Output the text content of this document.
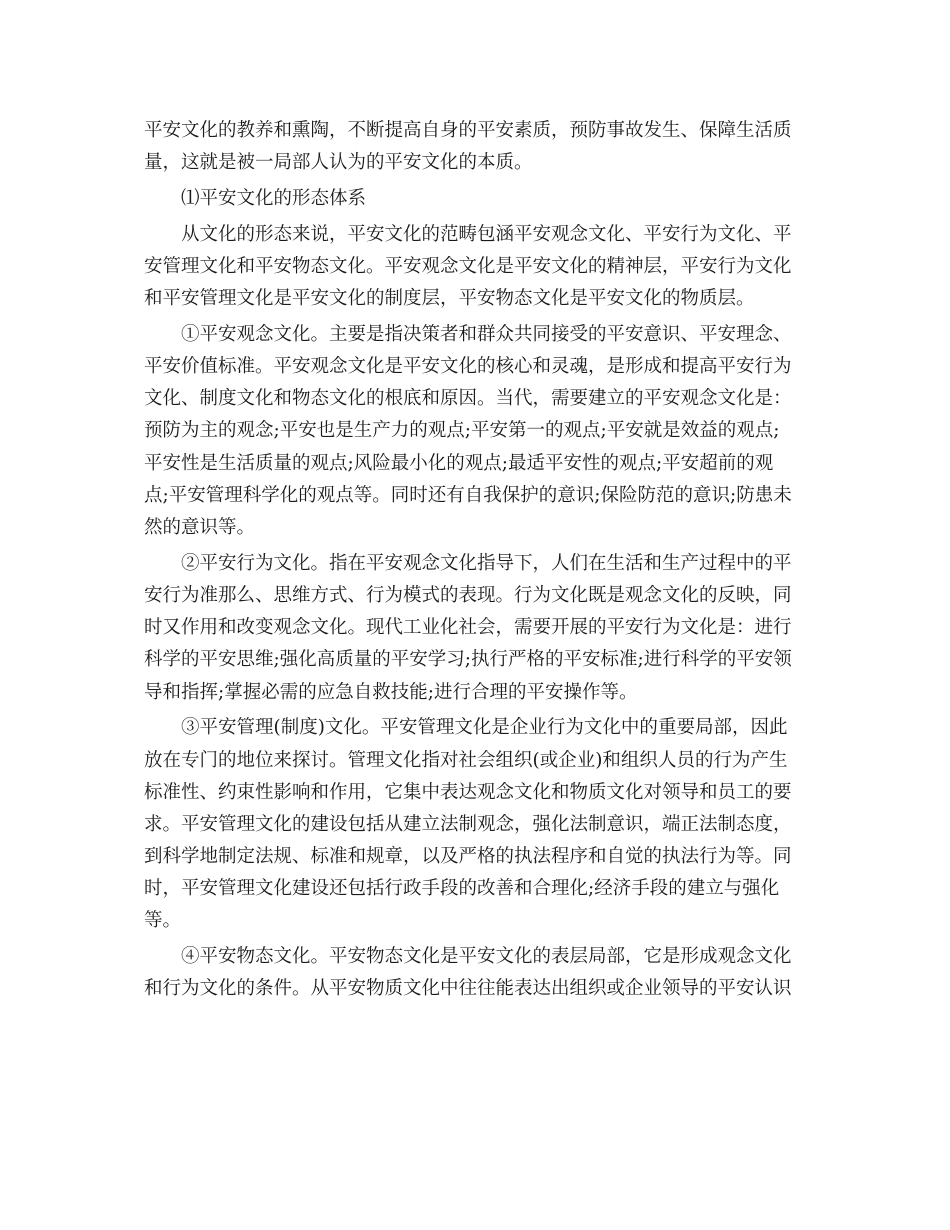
平安文化的教养和熏陶，不断提高自身的平安素质，预防事故发生、保障生活质
量，这就是被一局部人认为的平安文化的本质。
　　⑴平安文化的形态体系
　　从文化的形态来说，平安文化的范畴包涵平安观念文化、平安行为文化、平
安管理文化和平安物态文化。平安观念文化是平安文化的精神层，平安行为文化
和平安管理文化是平安文化的制度层，平安物态文化是平安文化的物质层。
　　①平安观念文化。主要是指决策者和群众共同接受的平安意识、平安理念、
平安价值标准。平安观念文化是平安文化的核心和灵魂，是形成和提高平安行为
文化、制度文化和物态文化的根底和原因。当代，需要建立的平安观念文化是：
预防为主的观念;平安也是生产力的观点;平安第一的观点;平安就是效益的观点;
平安性是生活质量的观点;风险最小化的观点;最适平安性的观点;平安超前的观
点;平安管理科学化的观点等。同时还有自我保护的意识;保险防范的意识;防患未
然的意识等。
　　②平安行为文化。指在平安观念文化指导下，人们在生活和生产过程中的平
安行为准那么、思维方式、行为模式的表现。行为文化既是观念文化的反映，同
时又作用和改变观念文化。现代工业化社会，需要开展的平安行为文化是：进行
科学的平安思维;强化高质量的平安学习;执行严格的平安标准;进行科学的平安领
导和指挥;掌握必需的应急自救技能;进行合理的平安操作等。
　　③平安管理(制度)文化。平安管理文化是企业行为文化中的重要局部，因此
放在专门的地位来探讨。管理文化指对社会组织(或企业)和组织人员的行为产生
标准性、约束性影响和作用，它集中表达观念文化和物质文化对领导和员工的要
求。平安管理文化的建设包括从建立法制观念，强化法制意识，端正法制态度，
到科学地制定法规、标准和规章，以及严格的执法程序和自觉的执法行为等。同
时，平安管理文化建设还包括行政手段的改善和合理化;经济手段的建立与强化
等。
　　④平安物态文化。平安物态文化是平安文化的表层局部，它是形成观念文化
和行为文化的条件。从平安物质文化中往往能表达出组织或企业领导的平安认识
